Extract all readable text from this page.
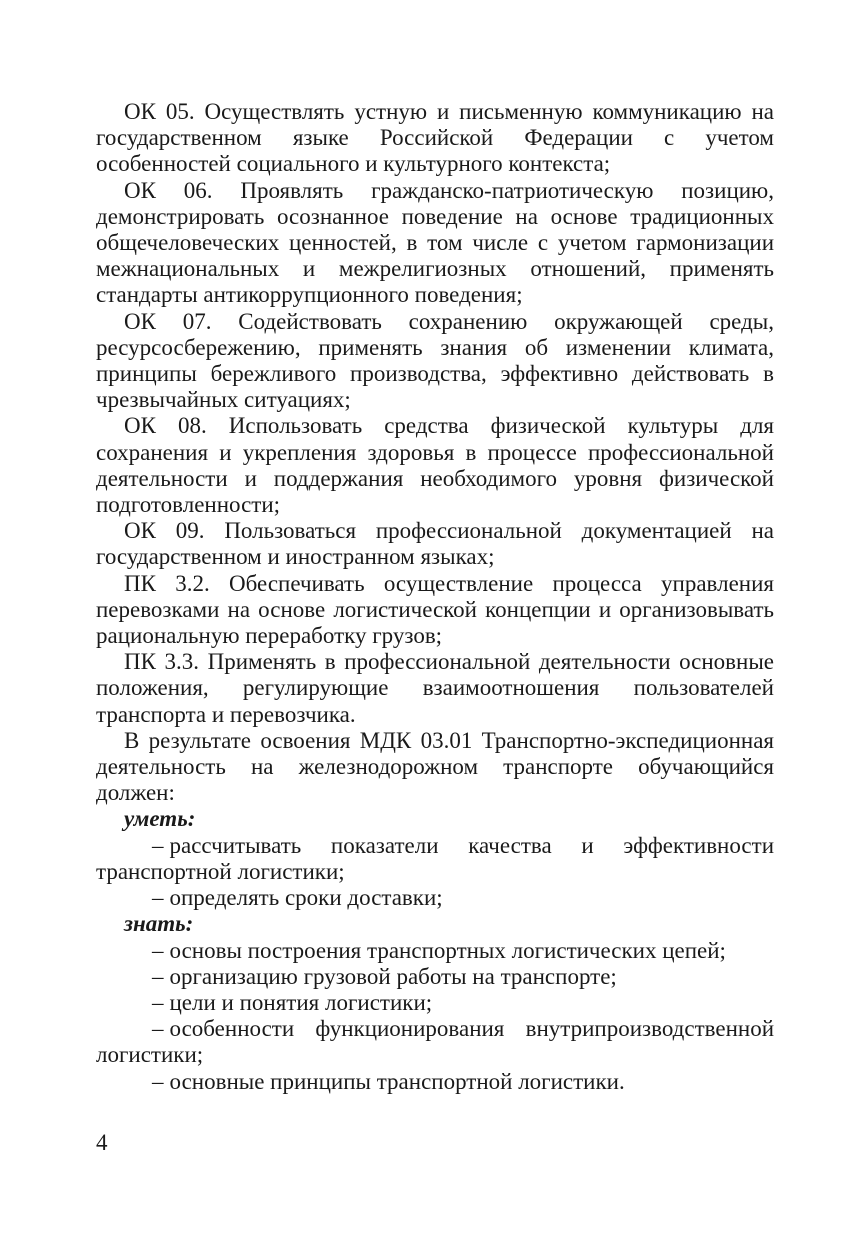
ОК 05. Осуществлять устную и письменную коммуникацию на государственном языке Российской Федерации с учетом особенностей социального и культурного контекста;

ОК 06. Проявлять гражданско-патриотическую позицию, демонстрировать осознанное поведение на основе традиционных общечеловеческих ценностей, в том числе с учетом гармонизации межнациональных и межрелигиозных отношений, применять стандарты антикоррупционного поведения;

ОК 07. Содействовать сохранению окружающей среды, ресурсосбережению, применять знания об изменении климата, принципы бережливого производства, эффективно действовать в чрезвычайных ситуациях;

ОК 08. Использовать средства физической культуры для сохранения и укрепления здоровья в процессе профессиональной деятельности и поддержания необходимого уровня физической подготовленности;

ОК 09. Пользоваться профессиональной документацией на государственном и иностранном языках;

ПК 3.2. Обеспечивать осуществление процесса управления перевозками на основе логистической концепции и организовывать рациональную переработку грузов;

ПК 3.3. Применять в профессиональной деятельности основные положения, регулирующие взаимоотношения пользователей транспорта и перевозчика.

В результате освоения МДК 03.01 Транспортно-экспедиционная деятельность на железнодорожном транспорте обучающийся должен:

уметь:

– рассчитывать показатели качества и эффективности транспортной логистики;

– определять сроки доставки;

знать:

– основы построения транспортных логистических цепей;

– организацию грузовой работы на транспорте;

– цели и понятия логистики;

– особенности функционирования внутрипроизводственной логистики;

– основные принципы транспортной логистики.

4
